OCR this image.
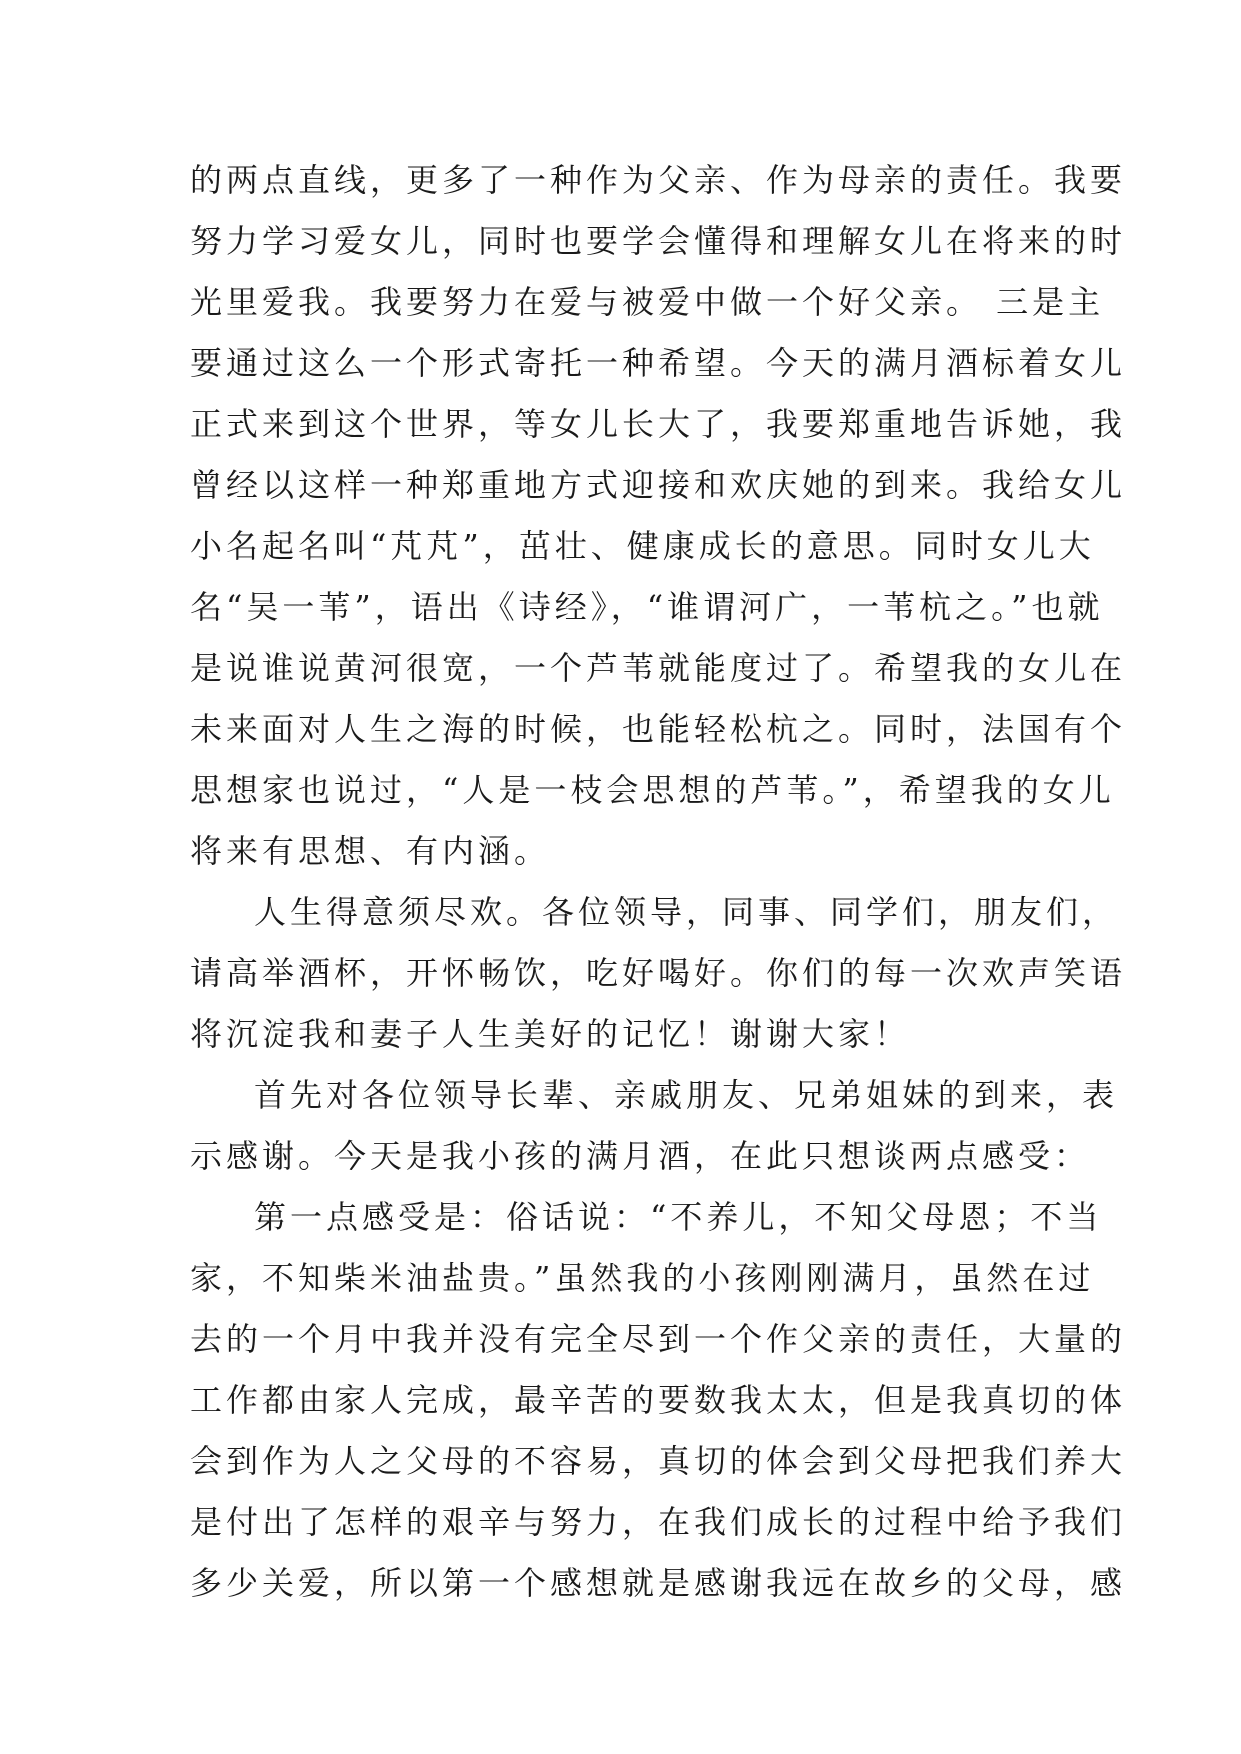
的两点直线，更多了一种作为父亲、作为母亲的责任。我要
努力学习爱女儿，同时也要学会懂得和理解女儿在将来的时
光里爱我。我要努力在爱与被爱中做一个好父亲。 三是主
要通过这么一个形式寄托一种希望。今天的满月酒标着女儿
正式来到这个世界，等女儿长大了，我要郑重地告诉她，我
曾经以这样一种郑重地方式迎接和欢庆她的到来。我给女儿
小名起名叫“芃芃”，茁壮、健康成长的意思。同时女儿大
名“吴一苇”，语出《诗经》，“谁谓河广，一苇杭之。”也就
是说谁说黄河很宽，一个芦苇就能度过了。希望我的女儿在
未来面对人生之海的时候，也能轻松杭之。同时，法国有个
思想家也说过，“人是一枝会思想的芦苇。”，希望我的女儿
将来有思想、有内涵。
人生得意须尽欢。各位领导，同事、同学们，朋友们，
请高举酒杯，开怀畅饮，吃好喝好。你们的每一次欢声笑语
将沉淀我和妻子人生美好的记忆！谢谢大家！
首先对各位领导长辈、亲戚朋友、兄弟姐妹的到来，表
示感谢。今天是我小孩的满月酒，在此只想谈两点感受：
第一点感受是：俗话说：“不养儿，不知父母恩；不当
家，不知柴米油盐贵。”虽然我的小孩刚刚满月，虽然在过
去的一个月中我并没有完全尽到一个作父亲的责任，大量的
工作都由家人完成，最辛苦的要数我太太，但是我真切的体
会到作为人之父母的不容易，真切的体会到父母把我们养大
是付出了怎样的艰辛与努力，在我们成长的过程中给予我们
多少关爱，所以第一个感想就是感谢我远在故乡的父母，感
